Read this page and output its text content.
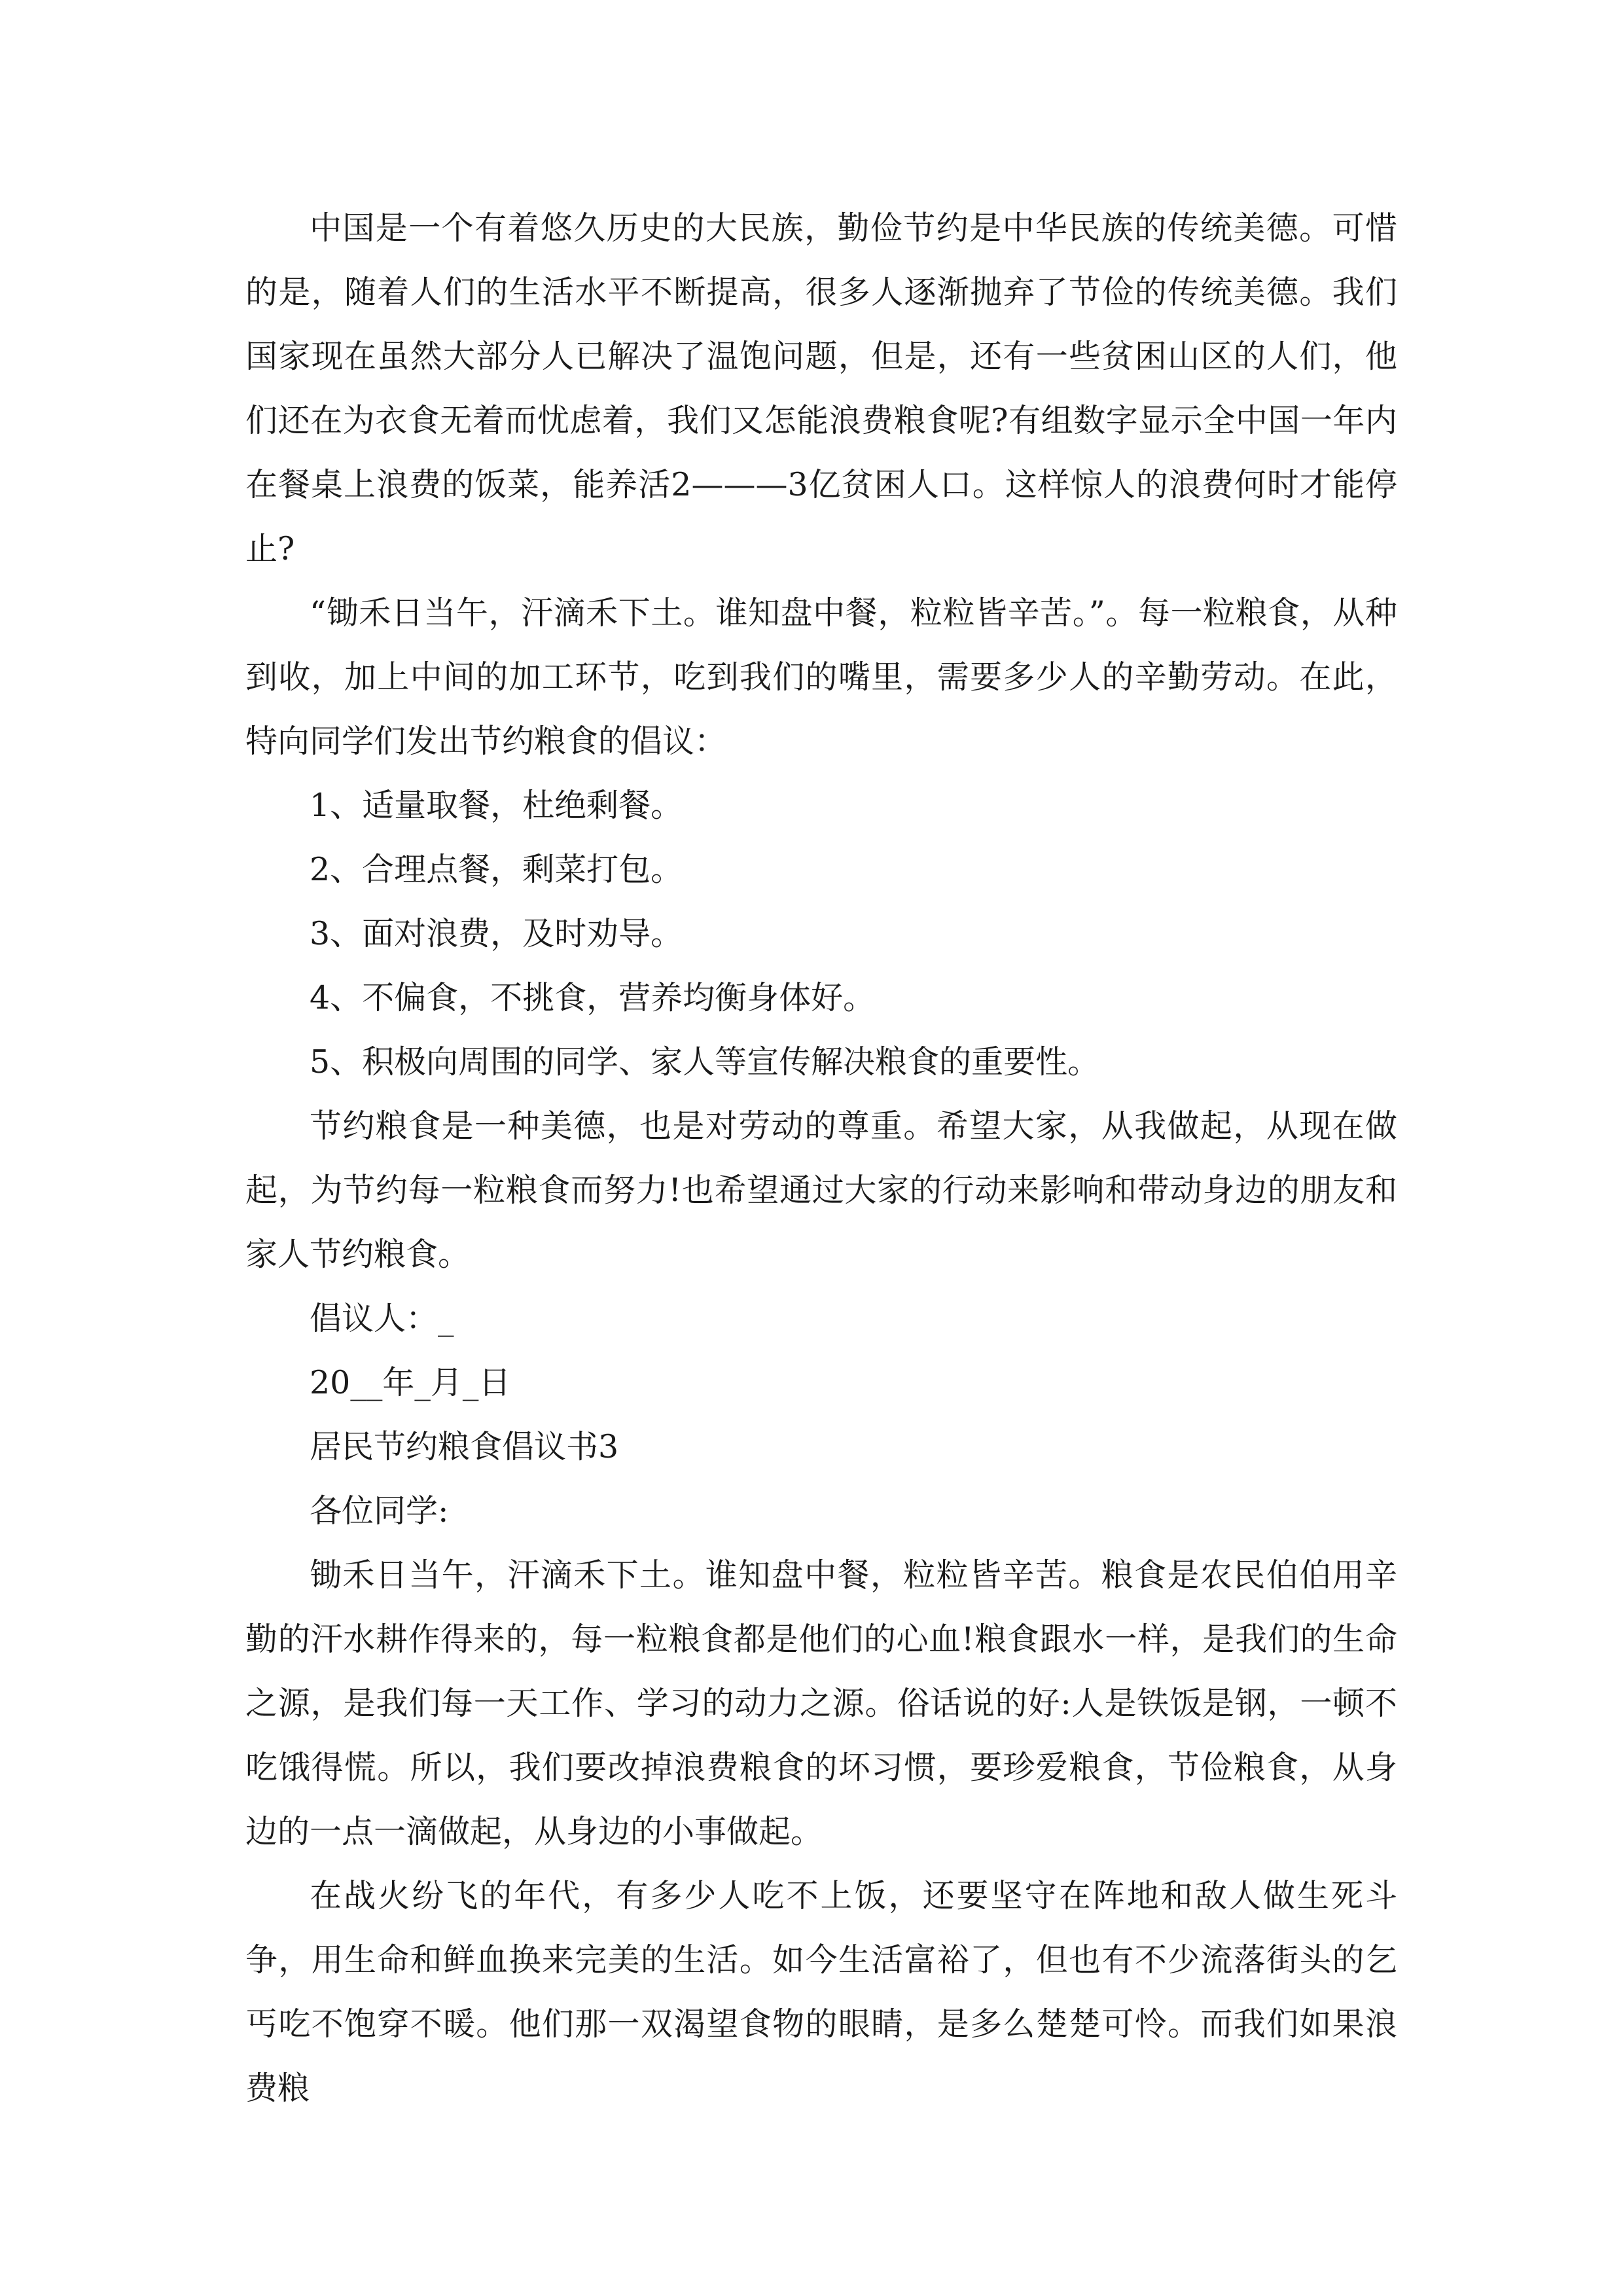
中国是一个有着悠久历史的大民族，勤俭节约是中华民族的传统美德。可惜的是，随着人们的生活水平不断提高，很多人逐渐抛弃了节俭的传统美德。我们国家现在虽然大部分人已解决了温饱问题，但是，还有一些贫困山区的人们，他们还在为衣食无着而忧虑着，我们又怎能浪费粮食呢?有组数字显示全中国一年内在餐桌上浪费的饭菜，能养活2———3亿贫困人口。这样惊人的浪费何时才能停止?

“锄禾日当午，汗滴禾下土。谁知盘中餐，粒粒皆辛苦。”。每一粒粮食，从种到收，加上中间的加工环节，吃到我们的嘴里，需要多少人的辛勤劳动。在此，特向同学们发出节约粮食的倡议：

1、适量取餐，杜绝剩餐。

2、合理点餐，剩菜打包。

3、面对浪费，及时劝导。

4、不偏食，不挑食，营养均衡身体好。

5、积极向周围的同学、家人等宣传解决粮食的重要性。

节约粮食是一种美德，也是对劳动的尊重。希望大家，从我做起，从现在做起，为节约每一粒粮食而努力!也希望通过大家的行动来影响和带动身边的朋友和家人节约粮食。

倡议人：_

20__年_月_日

居民节约粮食倡议书3

各位同学:

锄禾日当午，汗滴禾下土。谁知盘中餐，粒粒皆辛苦。粮食是农民伯伯用辛勤的汗水耕作得来的，每一粒粮食都是他们的心血!粮食跟水一样，是我们的生命之源，是我们每一天工作、学习的动力之源。俗话说的好:人是铁饭是钢，一顿不吃饿得慌。所以，我们要改掉浪费粮食的坏习惯，要珍爱粮食，节俭粮食，从身边的一点一滴做起，从身边的小事做起。

在战火纷飞的年代，有多少人吃不上饭，还要坚守在阵地和敌人做生死斗争，用生命和鲜血换来完美的生活。如今生活富裕了，但也有不少流落街头的乞丐吃不饱穿不暖。他们那一双渴望食物的眼睛，是多么楚楚可怜。而我们如果浪费粮
